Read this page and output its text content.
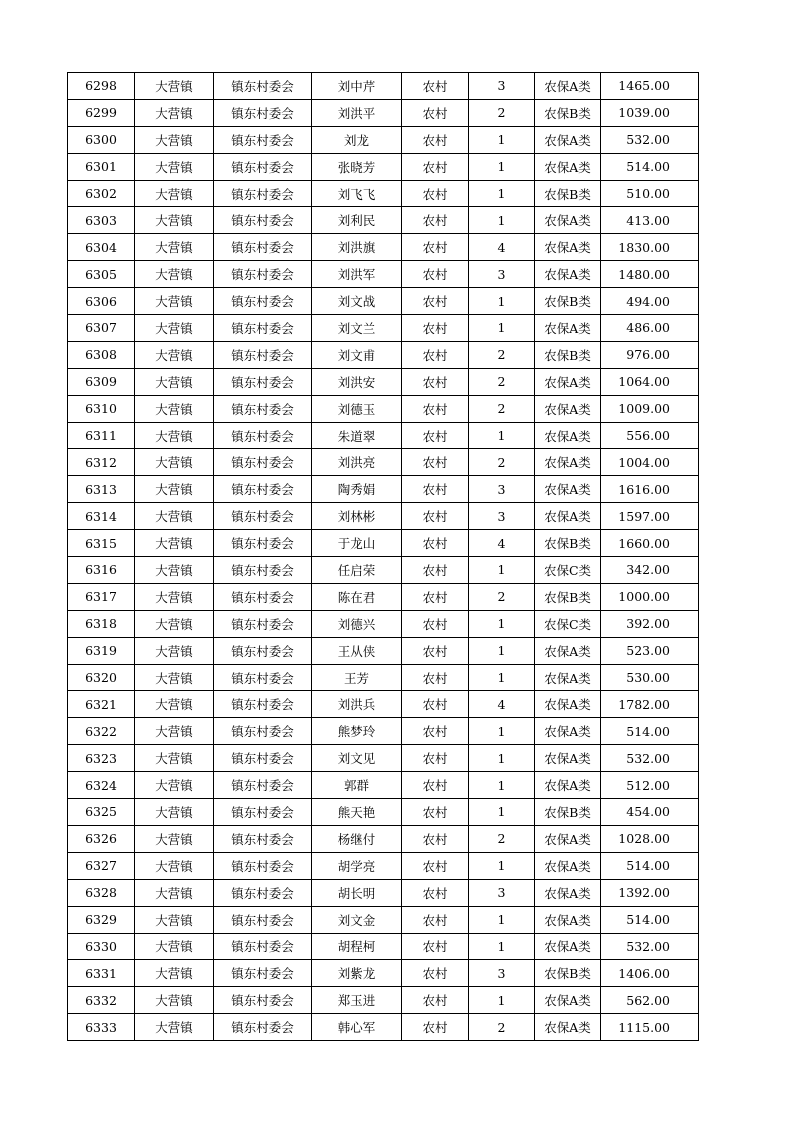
6298	大营镇	镇东村委会	刘中芹	农村	3	农保A类	1465.00
6299	大营镇	镇东村委会	刘洪平	农村	2	农保B类	1039.00
6300	大营镇	镇东村委会	刘龙	农村	1	农保A类	532.00
6301	大营镇	镇东村委会	张晓芳	农村	1	农保A类	514.00
6302	大营镇	镇东村委会	刘飞飞	农村	1	农保B类	510.00
6303	大营镇	镇东村委会	刘利民	农村	1	农保A类	413.00
6304	大营镇	镇东村委会	刘洪旗	农村	4	农保A类	1830.00
6305	大营镇	镇东村委会	刘洪军	农村	3	农保A类	1480.00
6306	大营镇	镇东村委会	刘文战	农村	1	农保B类	494.00
6307	大营镇	镇东村委会	刘文兰	农村	1	农保A类	486.00
6308	大营镇	镇东村委会	刘文甫	农村	2	农保B类	976.00
6309	大营镇	镇东村委会	刘洪安	农村	2	农保A类	1064.00
6310	大营镇	镇东村委会	刘德玉	农村	2	农保A类	1009.00
6311	大营镇	镇东村委会	朱道翠	农村	1	农保A类	556.00
6312	大营镇	镇东村委会	刘洪亮	农村	2	农保A类	1004.00
6313	大营镇	镇东村委会	陶秀娟	农村	3	农保A类	1616.00
6314	大营镇	镇东村委会	刘林彬	农村	3	农保A类	1597.00
6315	大营镇	镇东村委会	于龙山	农村	4	农保B类	1660.00
6316	大营镇	镇东村委会	任启荣	农村	1	农保C类	342.00
6317	大营镇	镇东村委会	陈在君	农村	2	农保B类	1000.00
6318	大营镇	镇东村委会	刘德兴	农村	1	农保C类	392.00
6319	大营镇	镇东村委会	王从侠	农村	1	农保A类	523.00
6320	大营镇	镇东村委会	王芳	农村	1	农保A类	530.00
6321	大营镇	镇东村委会	刘洪兵	农村	4	农保A类	1782.00
6322	大营镇	镇东村委会	熊梦玲	农村	1	农保A类	514.00
6323	大营镇	镇东村委会	刘文见	农村	1	农保A类	532.00
6324	大营镇	镇东村委会	郭群	农村	1	农保A类	512.00
6325	大营镇	镇东村委会	熊天艳	农村	1	农保B类	454.00
6326	大营镇	镇东村委会	杨继付	农村	2	农保A类	1028.00
6327	大营镇	镇东村委会	胡学亮	农村	1	农保A类	514.00
6328	大营镇	镇东村委会	胡长明	农村	3	农保A类	1392.00
6329	大营镇	镇东村委会	刘文金	农村	1	农保A类	514.00
6330	大营镇	镇东村委会	胡程柯	农村	1	农保A类	532.00
6331	大营镇	镇东村委会	刘紫龙	农村	3	农保B类	1406.00
6332	大营镇	镇东村委会	郑玉进	农村	1	农保A类	562.00
6333	大营镇	镇东村委会	韩心军	农村	2	农保A类	1115.00
